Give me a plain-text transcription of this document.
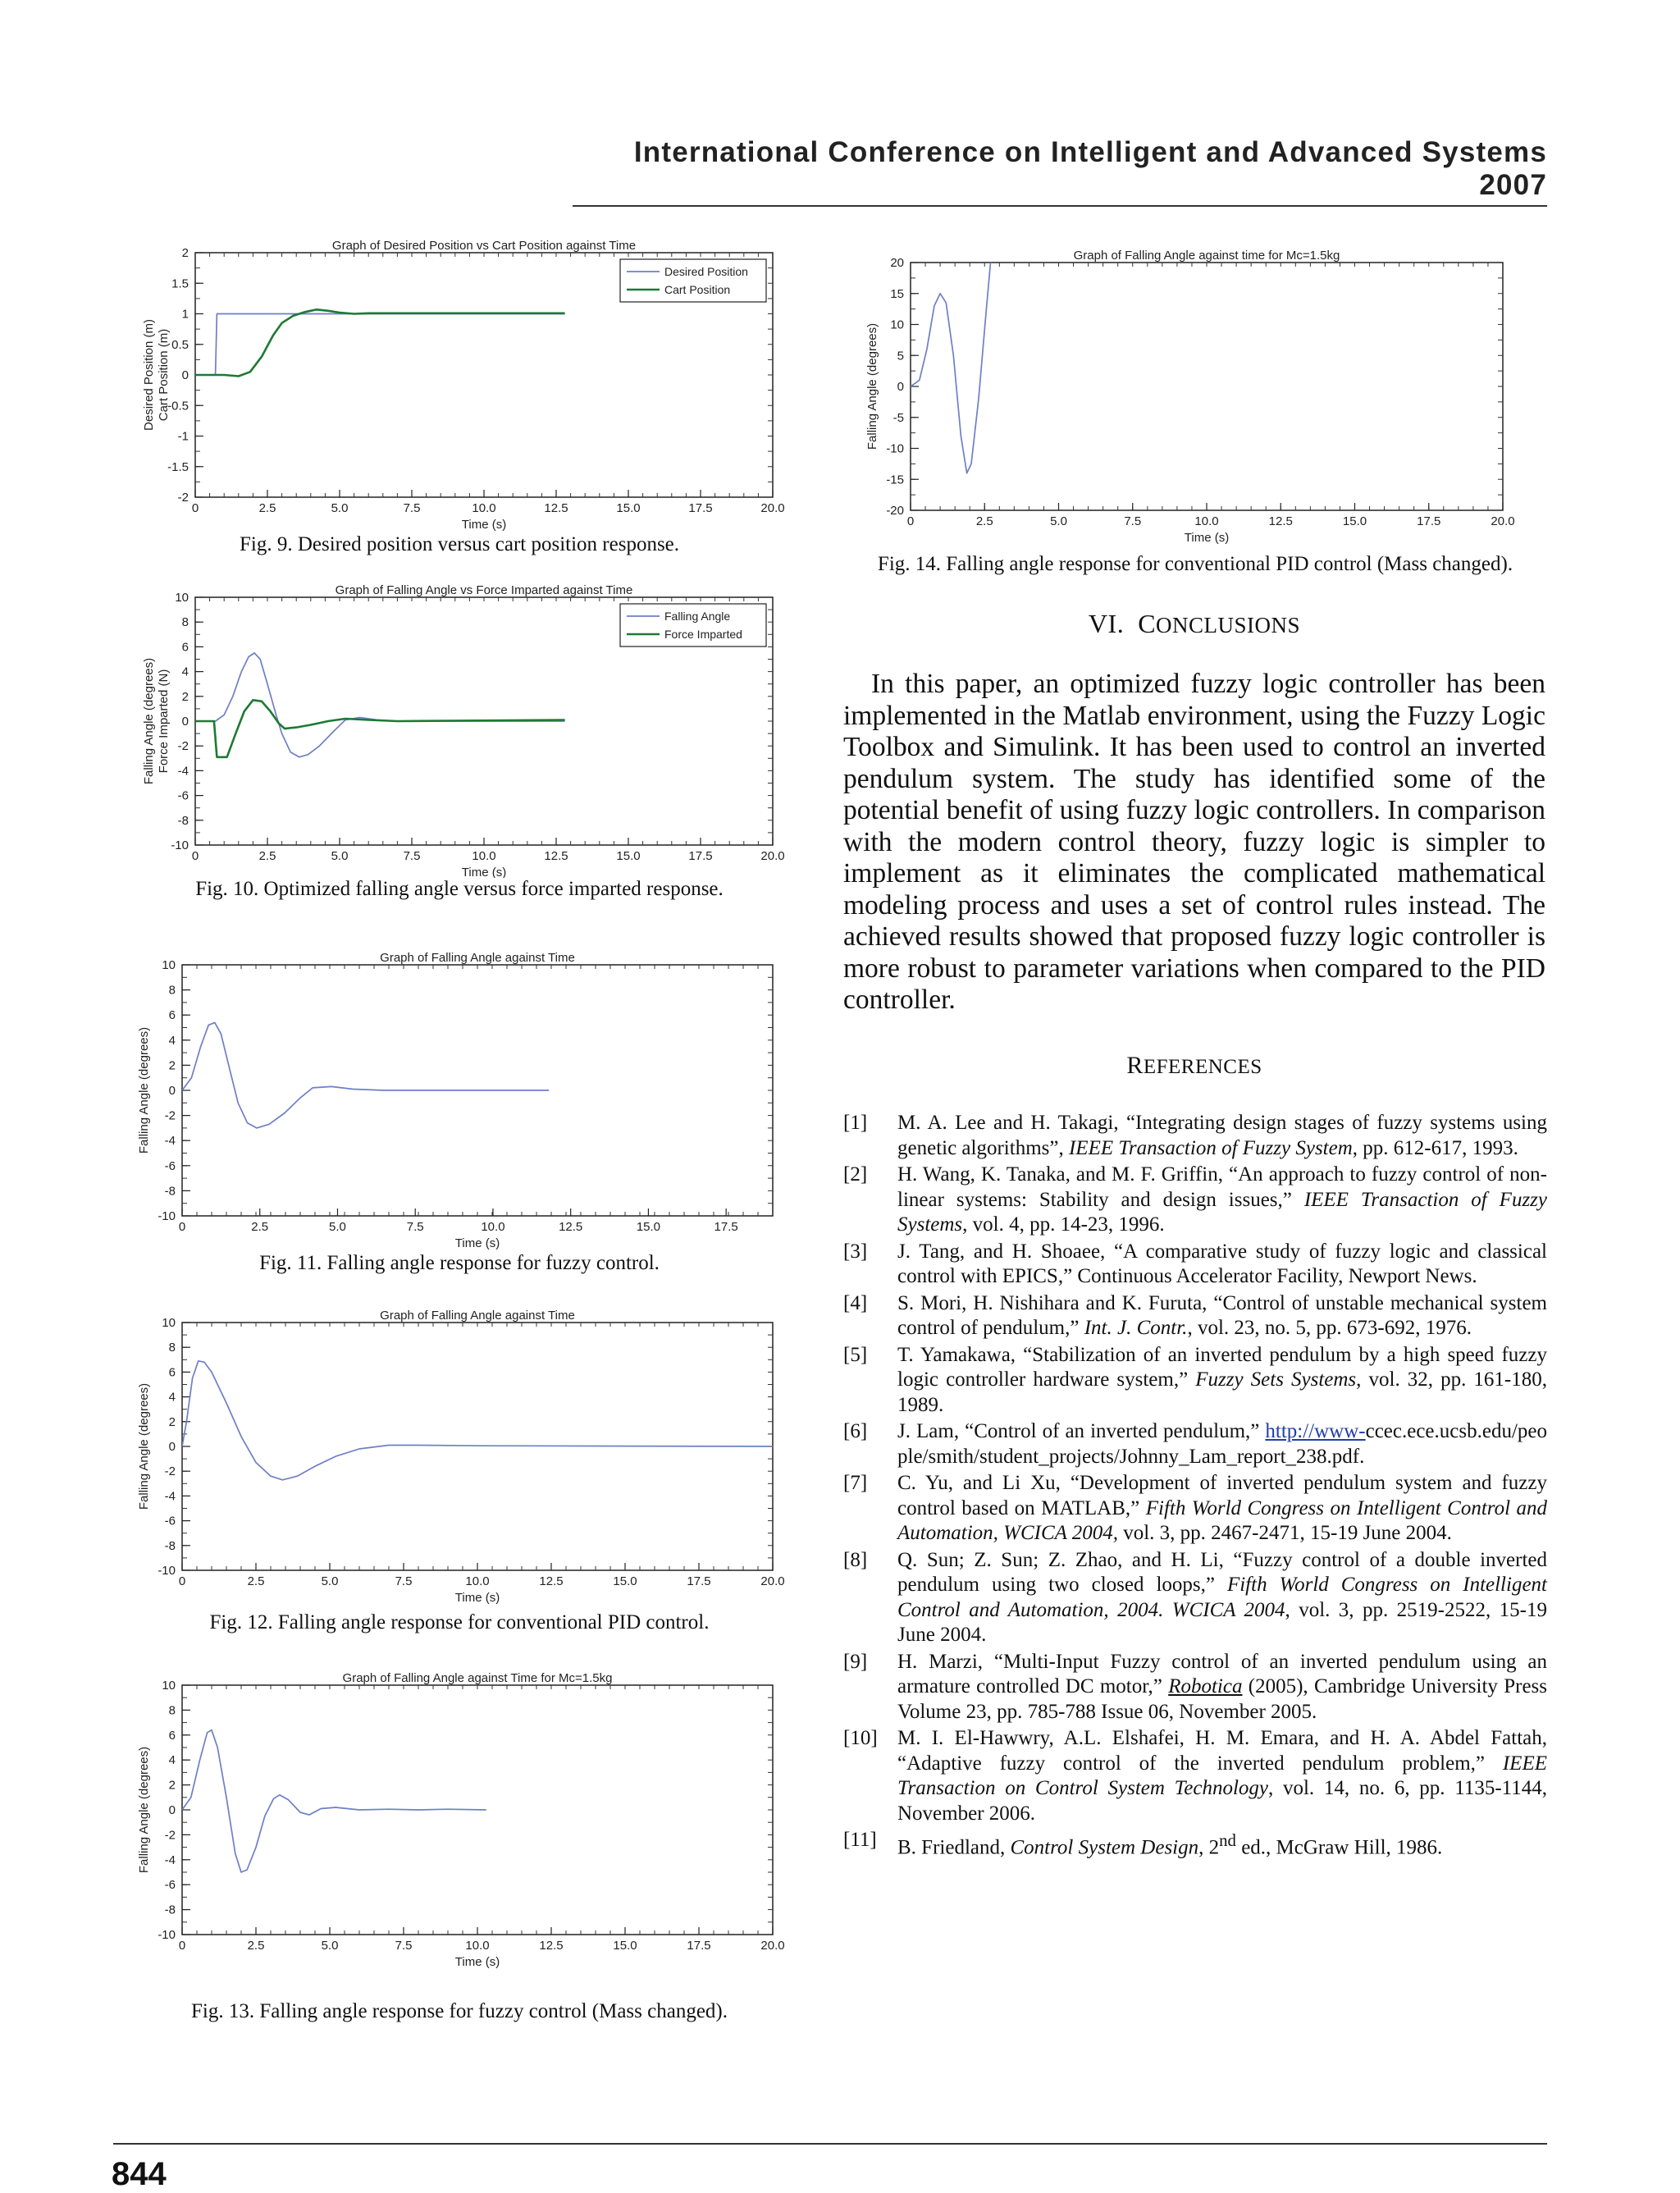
International Conference on Intelligent and Advanced Systems 2007
0	2.5	5.0	7.5	10.0	12.5	15.0	17.5	20.0
2
1.5
1
0.5
0
-0.5
-1
-1.5
-2
Graph of Desired Position vs Cart Position against Time
Time (s)
Desired Position (m) Cart Position (m)
Desired Position
Cart Position
Fig. 9. Desired position versus cart position response.
0	2.5	5.0	7.5	10.0	12.5	15.0	17.5	20.0
10
8
6
4
2
0
-2
-4
-6
-8
-10
Graph of Falling Angle vs Force Imparted against Time
Time (s)
Falling Angle (degrees) Force Imparted (N)
Falling Angle
Force Imparted
Fig. 10. Optimized falling angle versus force imparted response.
0	2.5	5.0	7.5	10.0	12.5	15.0	17.5
10
8
6
4
2
0
-2
-4
-6
-8
-10
Graph of Falling Angle against Time
Time (s)
Falling Angle (degrees)
Fig. 11. Falling angle response for fuzzy control.
0	2.5	5.0	7.5	10.0	12.5	15.0	17.5	20.0
10
8
6
4
2
0
-2
-4
-6
-8
-10
Graph of Falling Angle against Time
Time (s)
Falling Angle (degrees)
Fig. 12. Falling angle response for conventional PID control.
0	2.5	5.0	7.5	10.0	12.5	15.0	17.5	20.0
10
8
6
4
2
0
-2
-4
-6
-8
-10
Graph of Falling Angle against Time for Mc=1.5kg
Time (s)
Falling Angle (degrees)
Fig. 13. Falling angle response for fuzzy control (Mass changed).
0	2.5	5.0	7.5	10.0	12.5	15.0	17.5	20.0
20
15
10
5
0
-5
-10
-15
-20
Graph of Falling Angle against time for Mc=1.5kg
Time (s)
Falling Angle (degrees)
Fig. 14. Falling angle response for conventional PID control (Mass changed).
VI. CONCLUSIONS

In this paper, an optimized fuzzy logic controller has been implemented in the Matlab environment, using the Fuzzy Logic Toolbox and Simulink. It has been used to control an inverted pendulum system. The study has identified some of the potential benefit of using fuzzy logic controllers. In comparison with the modern control theory, fuzzy logic is simpler to implement as it eliminates the complicated mathematical modeling process and uses a set of control rules instead. The achieved results showed that proposed fuzzy logic controller is more robust to parameter variations when compared to the PID controller.

REFERENCES
[1]	M. A. Lee and H. Takagi, “Integrating design stages of fuzzy systems using genetic algorithms”, IEEE Transaction of Fuzzy System, pp. 612-617, 1993.
[2]	H. Wang, K. Tanaka, and M. F. Griffin, “An approach to fuzzy control of non-linear systems: Stability and design issues,” IEEE Transaction of Fuzzy Systems, vol. 4, pp. 14-23, 1996.
[3]	J. Tang, and H. Shoaee, “A comparative study of fuzzy logic and classical control with EPICS,” Continuous Accelerator Facility, Newport News.
[4]	S. Mori, H. Nishihara and K. Furuta, “Control of unstable mechanical system control of pendulum,” Int. J. Contr., vol. 23, no. 5, pp. 673-692, 1976.
[5]	T. Yamakawa, “Stabilization of an inverted pendulum by a high speed fuzzy logic controller hardware system,” Fuzzy Sets Systems, vol. 32, pp. 161-180, 1989.
[6]	J. Lam, “Control of an inverted pendulum,” http://www-ccec.ece.ucsb.edu/people/smith/student_projects/Johnny_Lam_report_238.pdf.
[7]	C. Yu, and Li Xu, “Development of inverted pendulum system and fuzzy control based on MATLAB,” Fifth World Congress on Intelligent Control and Automation, WCICA 2004, vol. 3, pp. 2467-2471, 15-19 June 2004.
[8]	Q. Sun; Z. Sun; Z. Zhao, and H. Li, “Fuzzy control of a double inverted pendulum using two closed loops,” Fifth World Congress on Intelligent Control and Automation, 2004. WCICA 2004, vol. 3, pp. 2519-2522, 15-19 June 2004.
[9]	H. Marzi, “Multi-Input Fuzzy control of an inverted pendulum using an armature controlled DC motor,” Robotica (2005), Cambridge University Press Volume 23, pp. 785-788 Issue 06, November 2005.
[10] M. I. El-Hawwry, A.L. Elshafei, H. M. Emara, and H. A. Abdel Fattah, “Adaptive fuzzy control of the inverted pendulum problem,” IEEE Transaction on Control System Technology, vol. 14, no. 6, pp. 1135-1144, November 2006.
[11]	B. Friedland, Control System Design, 2nd ed., McGraw Hill, 1986.
844
